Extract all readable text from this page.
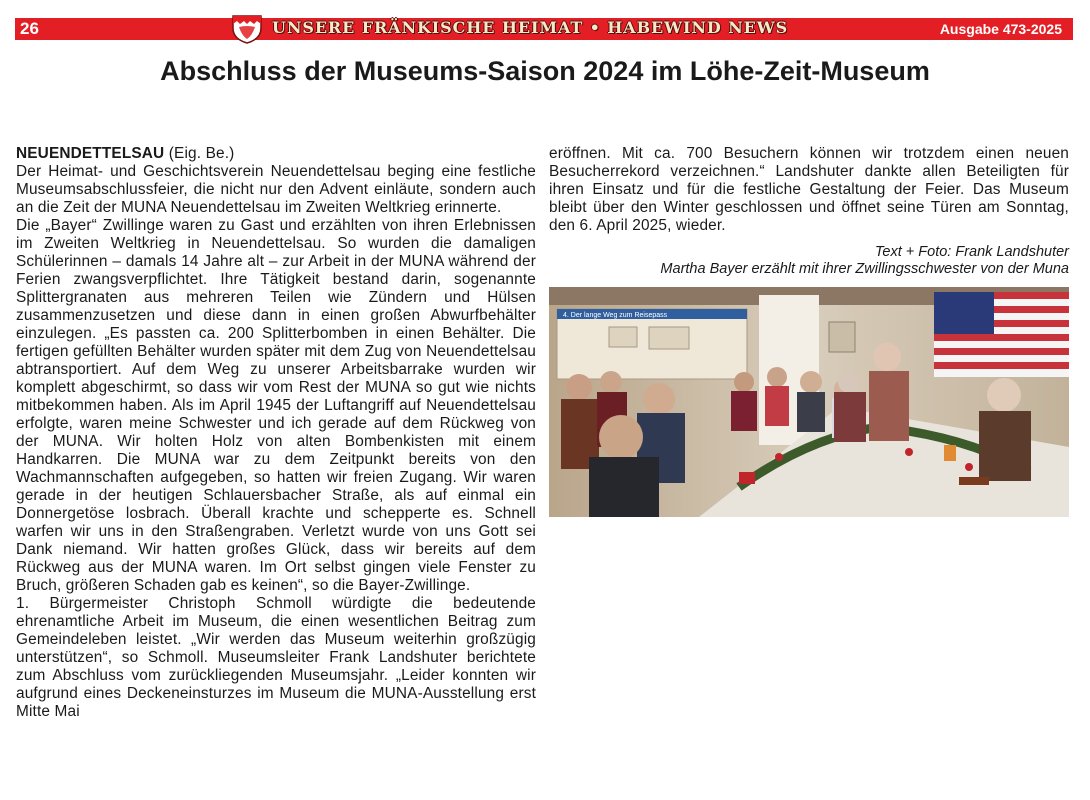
26	UNSERE FRÄNKISCHE HEIMAT • HABEWIND NEWS	Ausgabe 473-2025
Abschluss der Museums-Saison 2024 im Löhe-Zeit-Museum

NEUENDETTELSAU (Eig. Be.)

Der Heimat- und Geschichtsverein Neuendettelsau beging eine festliche Museumsabschlussfeier, die nicht nur den Advent einläute, sondern auch an die Zeit der MUNA Neuendettelsau im Zweiten Weltkrieg erinnerte.

Die „Bayer“ Zwillinge waren zu Gast und erzählten von ihren Erlebnissen im Zweiten Weltkrieg in Neuendettelsau. So wurden die damaligen Schülerinnen – damals 14 Jahre alt – zur Arbeit in der MUNA während der Ferien zwangsverpflichtet. Ihre Tätigkeit bestand darin, sogenannte Splittergranaten aus mehreren Teilen wie Zündern und Hülsen zusammenzusetzen und diese dann in einen großen Abwurfbehälter einzulegen. „Es passten ca. 200 Splitterbomben in einen Behälter. Die fertigen gefüllten Behälter wurden später mit dem Zug von Neuendettelsau abtransportiert. Auf dem Weg zu unserer Arbeitsbarrake wurden wir komplett abgeschirmt, so dass wir vom Rest der MUNA so gut wie nichts mitbekommen haben. Als im April 1945 der Luftangriff auf Neuendettelsau erfolgte, waren meine Schwester und ich gerade auf dem Rückweg von der MUNA. Wir holten Holz von alten Bombenkisten mit einem Handkarren. Die MUNA war zu dem Zeitpunkt bereits von den Wachmannschaften aufgegeben, so hatten wir freien Zugang. Wir waren gerade in der heutigen Schlauersbacher Straße, als auf einmal ein Donnergetöse losbrach. Überall krachte und schepperte es. Schnell warfen wir uns in den Straßengraben. Verletzt wurde von uns Gott sei Dank niemand. Wir hatten großes Glück, dass wir bereits auf dem Rückweg aus der MUNA waren. Im Ort selbst gingen viele Fenster zu Bruch, größeren Schaden gab es keinen“, so die Bayer-Zwillinge.

1. Bürgermeister Christoph Schmoll würdigte die bedeutende ehrenamtliche Arbeit im Museum, die einen wesentlichen Beitrag zum Gemeindeleben leistet. „Wir werden das Museum weiterhin großzügig unterstützen“, so Schmoll. Museumsleiter Frank Landshuter berichtete zum Abschluss vom zurückliegenden Museumsjahr. „Leider konnten wir aufgrund eines Deckeneinsturzes im Museum die MUNA-Ausstellung erst Mitte Mai

eröffnen. Mit ca. 700 Besuchern können wir trotzdem einen neuen Besucherrekord verzeichnen.“ Landshuter dankte allen Beteiligten für ihren Einsatz und für die festliche Gestaltung der Feier. Das Museum bleibt über den Winter geschlossen und öffnet seine Türen am Sonntag, den 6. April 2025, wieder.

Text + Foto: Frank Landshuter
Martha Bayer erzählt mit ihrer Zwillingsschwester von der Muna
4. Der lange Weg zum Reisepass
